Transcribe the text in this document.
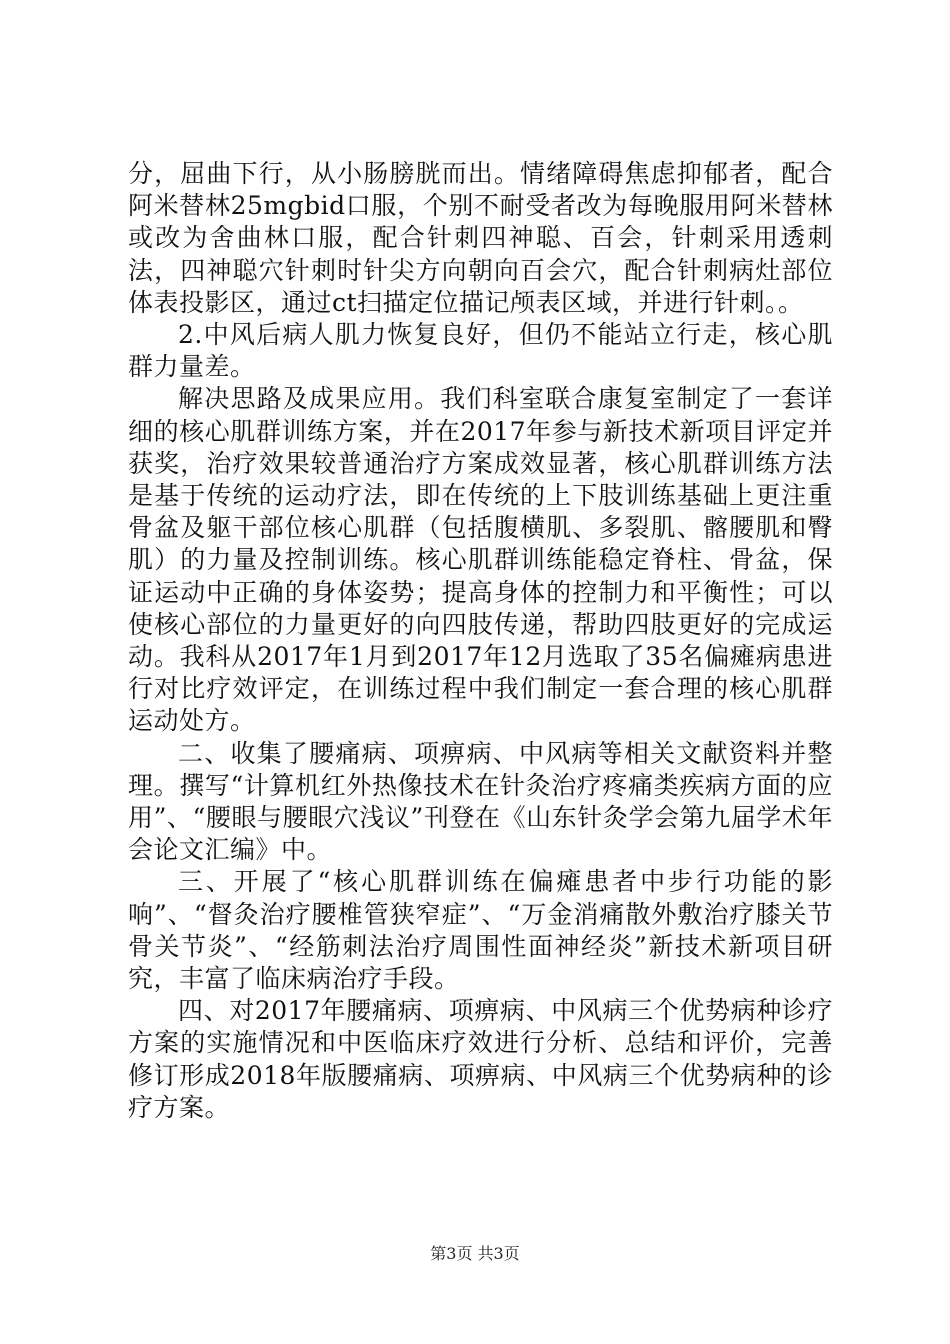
分，屈曲下行，从小肠膀胱而出。情绪障碍焦虑抑郁者，配合阿米替林25mgbid口服，个别不耐受者改为每晚服用阿米替林或改为舍曲林口服，配合针刺四神聪、百会，针刺采用透刺法，四神聪穴针刺时针尖方向朝向百会穴，配合针刺病灶部位体表投影区，通过ct扫描定位描记颅表区域，并进行针刺。。

2.中风后病人肌力恢复良好，但仍不能站立行走，核心肌群力量差。

解决思路及成果应用。我们科室联合康复室制定了一套详细的核心肌群训练方案，并在2017年参与新技术新项目评定并获奖，治疗效果较普通治疗方案成效显著，核心肌群训练方法是基于传统的运动疗法，即在传统的上下肢训练基础上更注重骨盆及躯干部位核心肌群（包括腹横肌、多裂肌、髂腰肌和臀肌）的力量及控制训练。核心肌群训练能稳定脊柱、骨盆，保证运动中正确的身体姿势；提高身体的控制力和平衡性；可以使核心部位的力量更好的向四肢传递，帮助四肢更好的完成运动。我科从2017年1月到2017年12月选取了35名偏瘫病患进行对比疗效评定，在训练过程中我们制定一套合理的核心肌群运动处方。

二、收集了腰痛病、项痹病、中风病等相关文献资料并整理。撰写“计算机红外热像技术在针灸治疗疼痛类疾病方面的应用”、“腰眼与腰眼穴浅议”刊登在《山东针灸学会第九届学术年会论文汇编》中。

三、开展了“核心肌群训练在偏瘫患者中步行功能的影响”、“督灸治疗腰椎管狭窄症”、“万金消痛散外敷治疗膝关节骨关节炎”、“经筋刺法治疗周围性面神经炎”新技术新项目研究，丰富了临床病治疗手段。

四、对2017年腰痛病、项痹病、中风病三个优势病种诊疗方案的实施情况和中医临床疗效进行分析、总结和评价，完善修订形成2018年版腰痛病、项痹病、中风病三个优势病种的诊疗方案。

第3页 共3页
